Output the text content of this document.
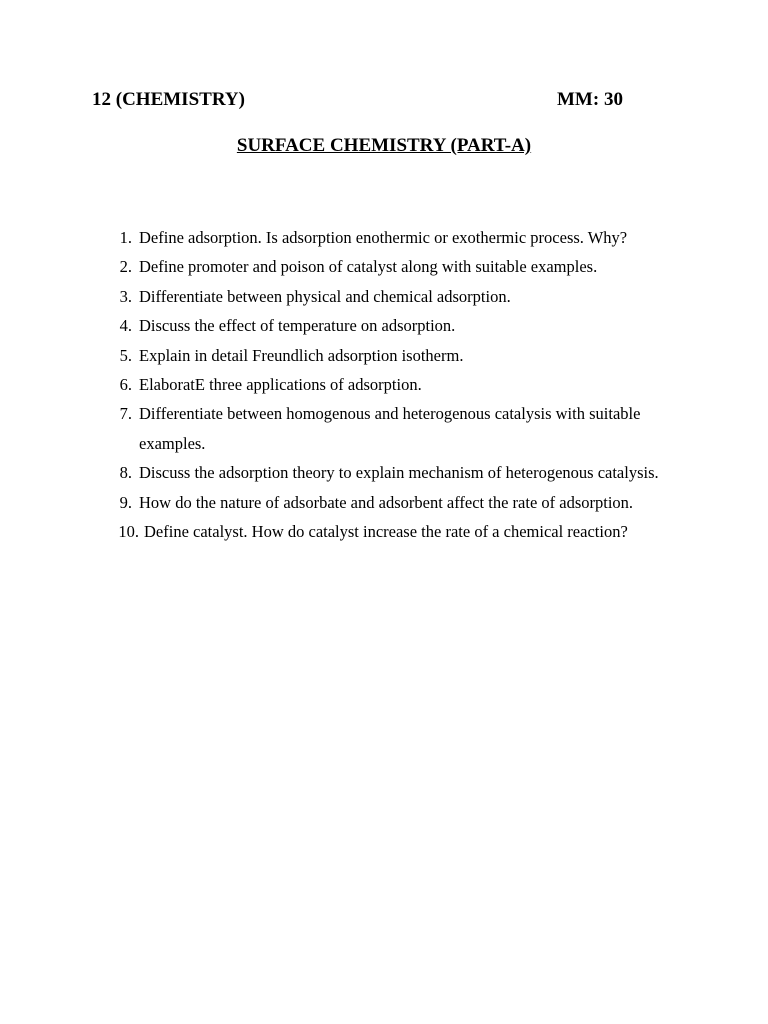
12 (CHEMISTRY)	MM: 30
SURFACE CHEMISTRY (PART-A)
1. Define adsorption. Is adsorption enothermic or exothermic process. Why?
2. Define promoter and poison of catalyst along with suitable examples.
3. Differentiate between physical and chemical adsorption.
4. Discuss the effect of temperature on adsorption.
5. Explain in detail Freundlich adsorption isotherm.
6. ElaboratE three applications of adsorption.
7. Differentiate between homogenous and heterogenous catalysis with suitable examples.
8. Discuss the adsorption theory to explain mechanism of heterogenous catalysis.
9. How do the nature of adsorbate and adsorbent affect the rate of adsorption.
10. Define catalyst. How do catalyst increase the rate of a chemical reaction?
